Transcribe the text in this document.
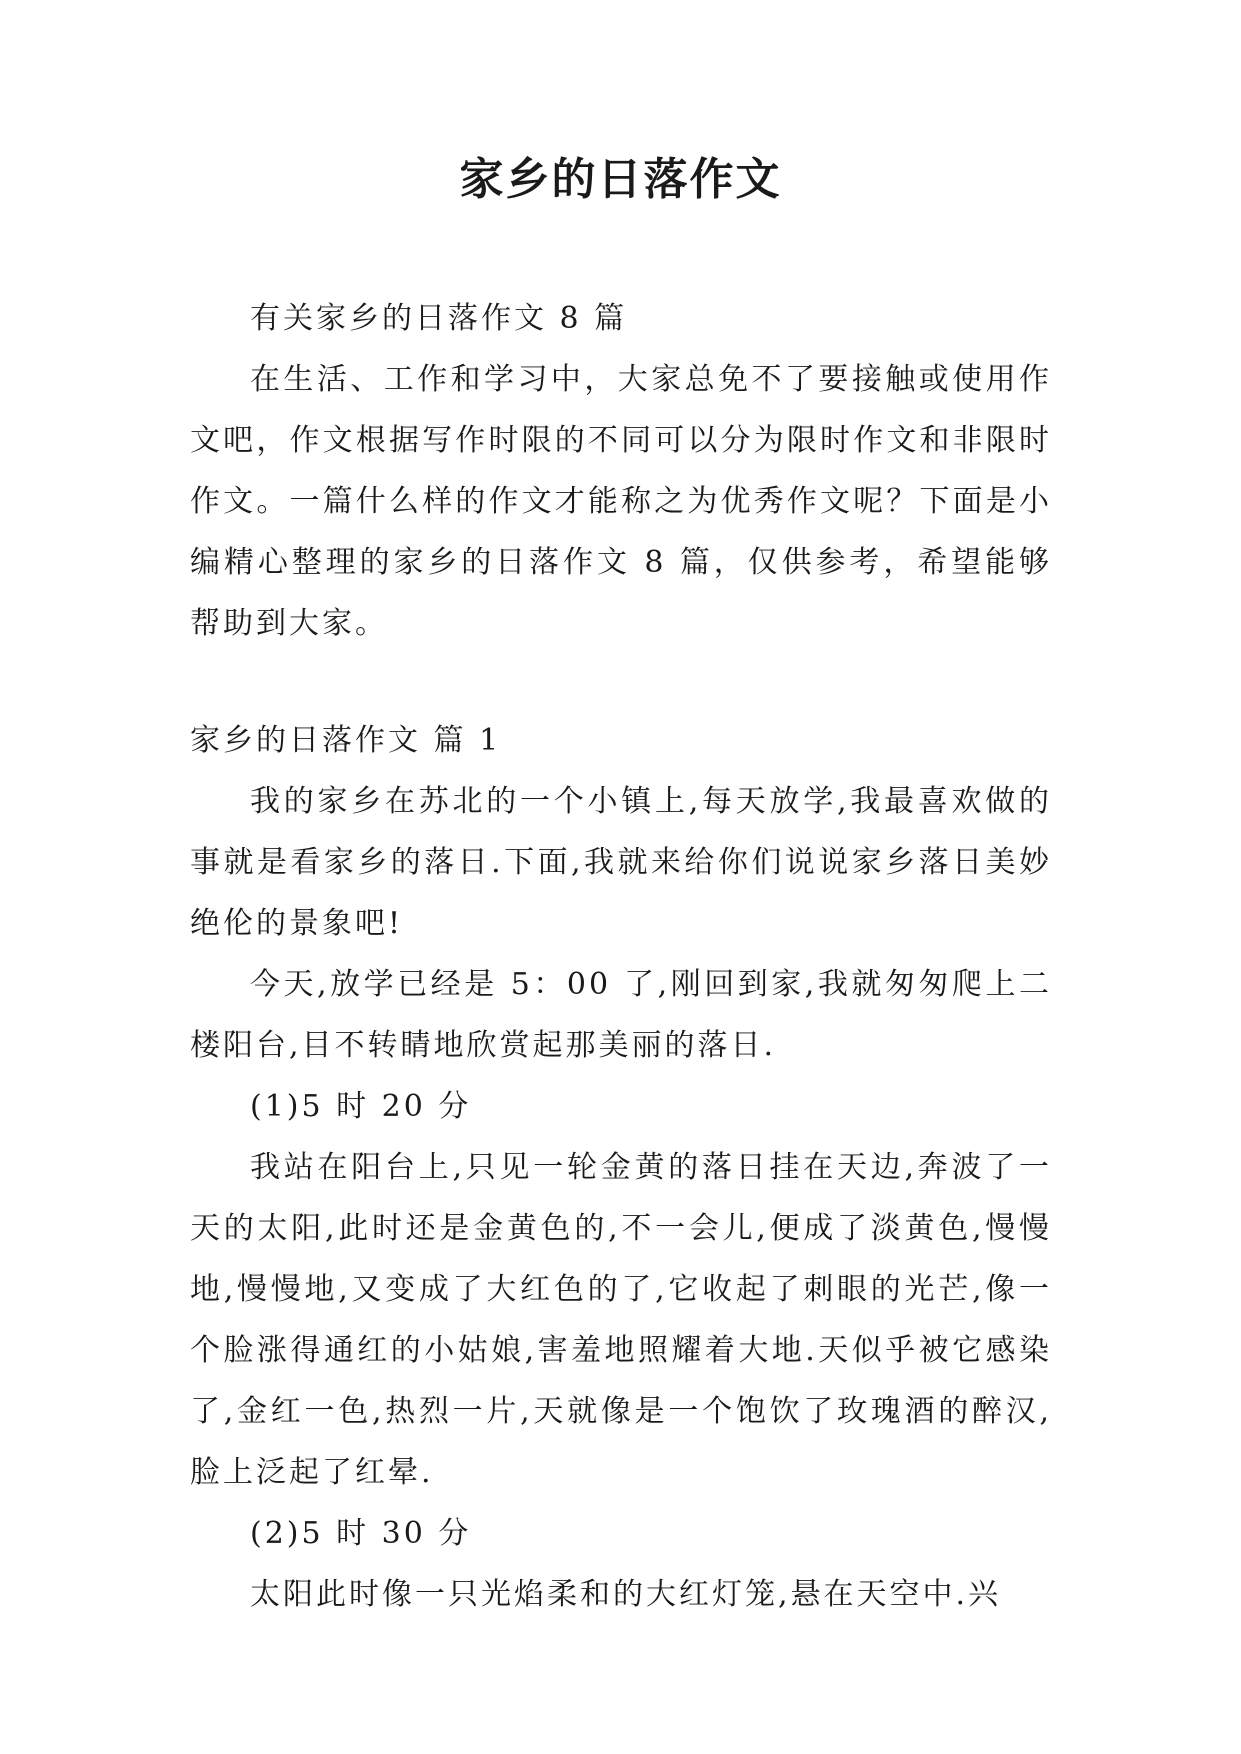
家乡的日落作文

有关家乡的日落作文 8 篇

在生活、工作和学习中，大家总免不了要接触或使用作文吧，作文根据写作时限的不同可以分为限时作文和非限时作文。一篇什么样的作文才能称之为优秀作文呢？下面是小编精心整理的家乡的日落作文 8 篇，仅供参考，希望能够帮助到大家。

家乡的日落作文 篇 1

我的家乡在苏北的一个小镇上,每天放学,我最喜欢做的事就是看家乡的落日.下面,我就来给你们说说家乡落日美妙绝伦的景象吧!

今天,放学已经是 5：00 了,刚回到家,我就匆匆爬上二楼阳台,目不转睛地欣赏起那美丽的落日.

(1)5 时 20 分

我站在阳台上,只见一轮金黄的落日挂在天边,奔波了一天的太阳,此时还是金黄色的,不一会儿,便成了淡黄色,慢慢地,慢慢地,又变成了大红色的了,它收起了刺眼的光芒,像一个脸涨得通红的小姑娘,害羞地照耀着大地.天似乎被它感染了,金红一色,热烈一片,天就像是一个饱饮了玫瑰酒的醉汉,脸上泛起了红晕.

(2)5 时 30 分

太阳此时像一只光焰柔和的大红灯笼,悬在天空中.兴
